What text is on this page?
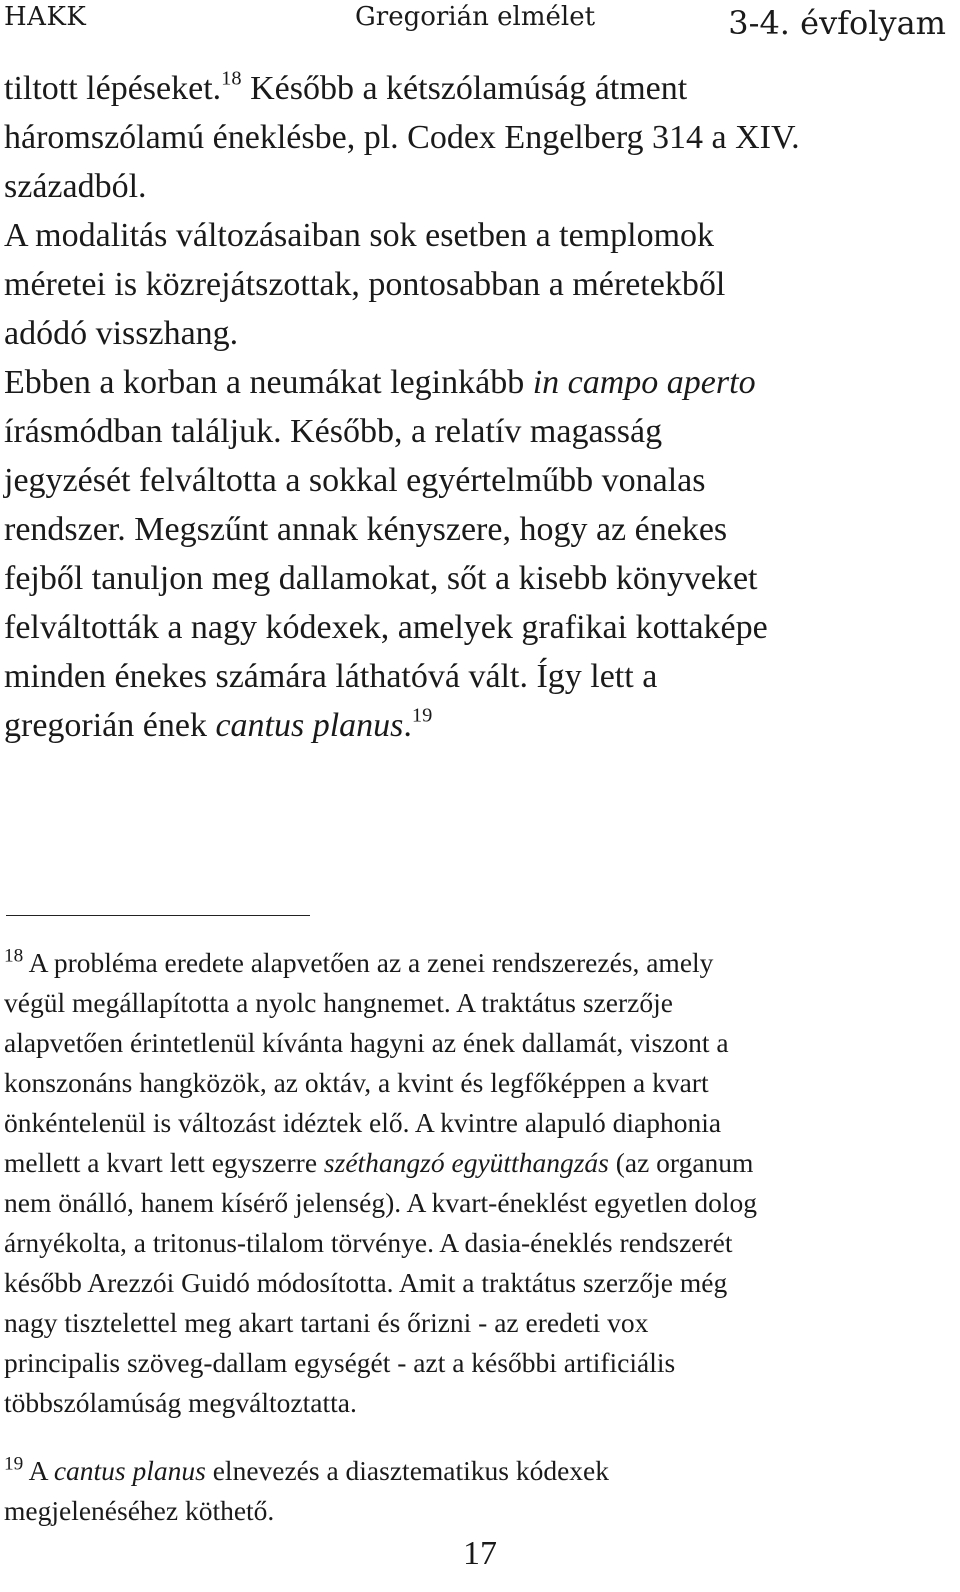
HAKK	Gregorián elmélet	3-4. évfolyam
tiltott lépéseket.$^{18}$ Később a kétszólamúság átment
háromszólamú éneklésbe, pl. Codex Engelberg 314 a XIV.
századból.
A modalitás változásaiban sok esetben a templomok
méretei is közrejátszottak, pontosabban a méretekből
adódó visszhang.
Ebben a korban a neumákat leginkább in campo aperto
írásmódban találjuk. Később, a relatív magasság
jegyzését felváltotta a sokkal egyértelműbb vonalas
rendszer. Megszűnt annak kényszere, hogy az énekes
fejből tanuljon meg dallamokat, sőt a kisebb könyveket
felváltották a nagy kódexek, amelyek grafikai kottaképe
minden énekes számára láthatóvá vált. Így lett a
gregorián ének cantus planus.$^{19}$
$^{18}$ A probléma eredete alapvetően az a zenei rendszerezés, amely
végül megállapította a nyolc hangnemet. A traktátus szerzője
alapvetően érintetlenül kívánta hagyni az ének dallamát, viszont a
konszonáns hangközök, az oktáv, a kvint és legfőképpen a kvart
önkéntelenül is változást idéztek elő. A kvintre alapuló diaphonia
mellett a kvart lett egyszerre széthangzó együtthangzás (az organum
nem önálló, hanem kísérő jelenség). A kvart-éneklést egyetlen dolog
árnyékolta, a tritonus-tilalom törvénye. A dasia-éneklés rendszerét
később Arezzói Guidó módosította. Amit a traktátus szerzője még
nagy tisztelettel meg akart tartani és őrizni - az eredeti vox
principalis szöveg-dallam egységét - azt a későbbi artificiális
többszólamúság megváltoztatta.
$^{19}$ A cantus planus elnevezés a diasztematikus kódexek
megjelenéséhez köthető.
17
